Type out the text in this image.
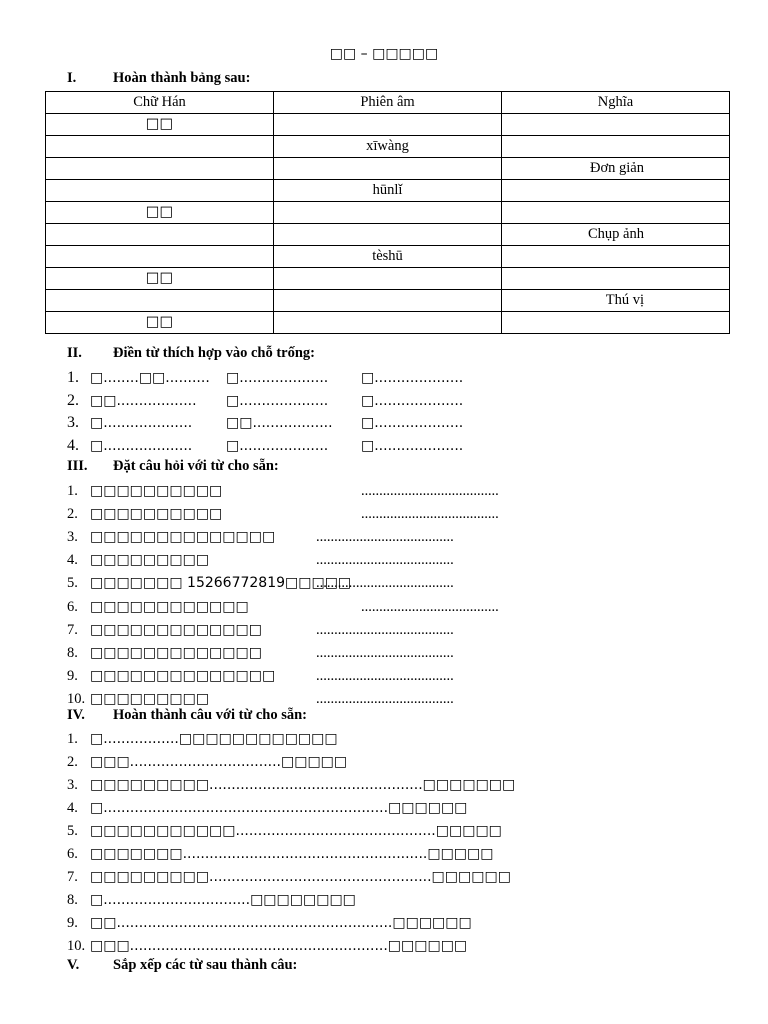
□□ – □□□□□
I.	Hoàn thành bảng sau:
Chữ Hán	Phiên âm	Nghĩa
□□		
	xīwàng	
		Đơn giản
	hūnlǐ	
□□		
		Chụp ảnh
	tèshū	
□□		
		Thú vị
□□		
II.	Điền từ thích hợp vào chỗ trống:
1. □........□□.......... □.................... □....................
2. □□.................. □.................... □....................
3. □.................... □□.................. □....................
4. □.................... □.................... □....................
III.	Đặt câu hỏi với từ cho sẵn:
1. □□□□□□□□□□	......................................
2. □□□□□□□□□□	......................................
3. □□□□□□□□□□□□□□	......................................
4. □□□□□□□□□	......................................
5. □□□□□□□ 15266772819□□□□□
......................................
6. □□□□□□□□□□□□	......................................
7. □□□□□□□□□□□□□	......................................
8. □□□□□□□□□□□□□	......................................
9. □□□□□□□□□□□□□□	......................................
10. □□□□□□□□□	......................................
IV.	Hoàn thành câu với từ cho sẵn:
1. □.................□□□□□□□□□□□□
2. □□□..................................□□□□□
3. □□□□□□□□□................................................□□□□□□□
4. □................................................................□□□□□□
5. □□□□□□□□□□□.............................................□□□□□
6. □□□□□□□.......................................................□□□□□
7. □□□□□□□□□..................................................□□□□□□
8. □.................................□□□□□□□□
9. □□..............................................................□□□□□□
10. □□□..........................................................□□□□□□
V.	Sắp xếp các từ sau thành câu:
